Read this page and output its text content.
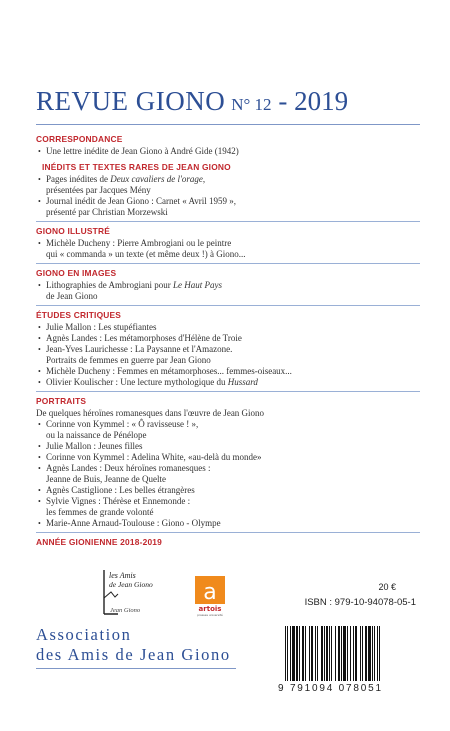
REVUE GIONO N° 12 - 2019
CORRESPONDANCE
• Une lettre inédite de Jean Giono à André Gide (1942)
INÉDITS ET TEXTES RARES DE JEAN GIONO
• Pages inédites de Deux cavaliers de l'orage,
présentées par Jacques Mény
• Journal inédit de Jean Giono : Carnet « Avril 1959 »,
présenté par Christian Morzewski
GIONO ILLUSTRÉ
• Michèle Ducheny : Pierre Ambrogiani ou le peintre
qui « commanda » un texte (et même deux !) à Giono...
GIONO EN IMAGES
• Lithographies de Ambrogiani pour Le Haut Pays
de Jean Giono
ÉTUDES CRITIQUES
• Julie Mallon : Les stupéfiantes
• Agnès Landes : Les métamorphoses d'Hélène de Troie
• Jean-Yves Laurichesse : La Paysanne et l'Amazone.
Portraits de femmes en guerre par Jean Giono
• Michèle Ducheny : Femmes en métamorphoses... femmes-oiseaux...
• Olivier Koulischer : Une lecture mythologique du Hussard
PORTRAITS
De quelques héroïnes romanesques dans l'œuvre de Jean Giono
• Corinne von Kymmel : « Ô ravisseuse ! »,
ou la naissance de Pénélope
• Julie Mallon : Jeunes filles
• Corinne von Kymmel : Adelina White, «au-delà du monde»
• Agnès Landes : Deux héroïnes romanesques :
Jeanne de Buis, Jeanne de Quelte
• Agnès Castiglione : Les belles étrangères
• Sylvie Vignes : Thérèse et Ennemonde :
les femmes de grande volonté
• Marie-Anne Arnaud-Toulouse : Giono - Olympe
ANNÉE GIONIENNE 2018-2019
les Amis
de Jean Giono
Jean Giono
a
artois
presses université
20 €
ISBN : 979-10-94078-05-1
Association
des Amis de Jean Giono
9 791094 078051
